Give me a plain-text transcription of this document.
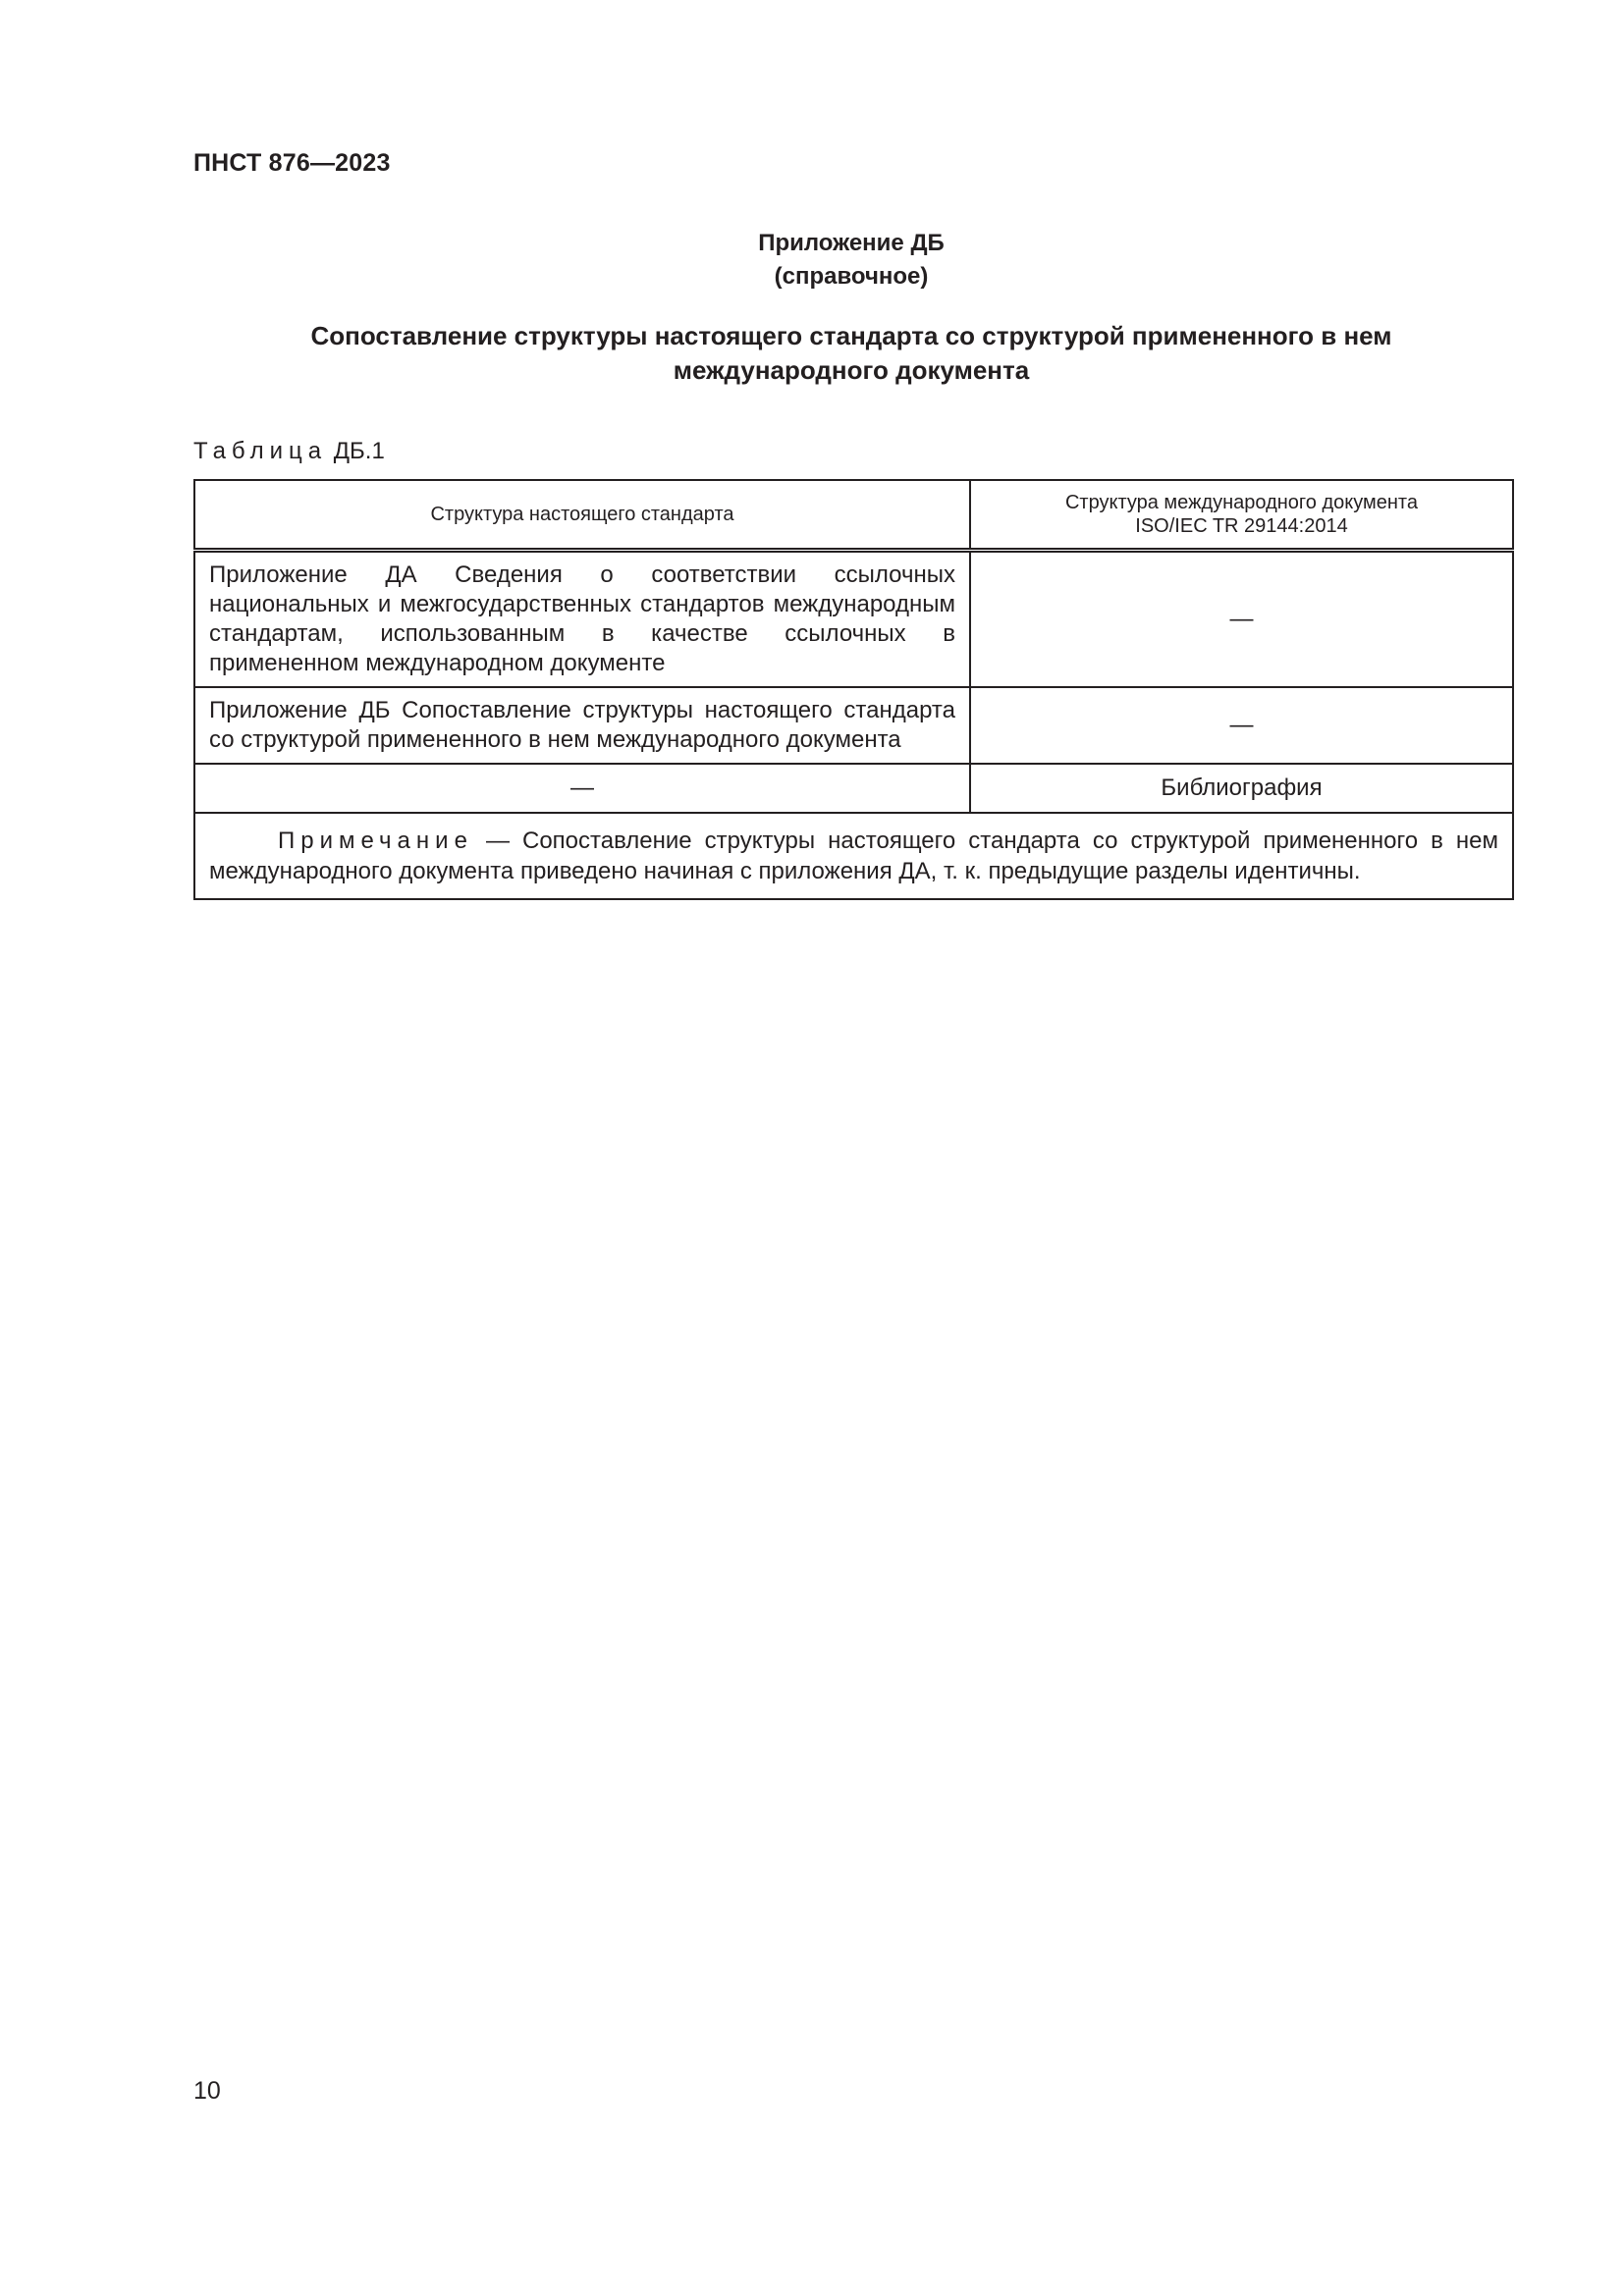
ПНСТ 876—2023
Приложение ДБ
(справочное)
Сопоставление структуры настоящего стандарта со структурой примененного в нем
международного документа
Таблица ДБ.1
Структура настоящего стандарта	Структура международного документа
ISO/IEC TR 29144:2014

Приложение ДА Сведения о соответствии ссылочных национальных и межгосударственных стандартов международным стандартам, использованным в качестве ссылочных в примененном международном документе	—
Приложение ДБ Сопоставление структуры настоящего стандарта со структурой примененного в нем международного документа	—
—	Библиография
Примечание — Сопоставление структуры настоящего стандарта со структурой примененного в нем международного документа приведено начиная с приложения ДА, т. к. предыдущие разделы идентичны.	
10
